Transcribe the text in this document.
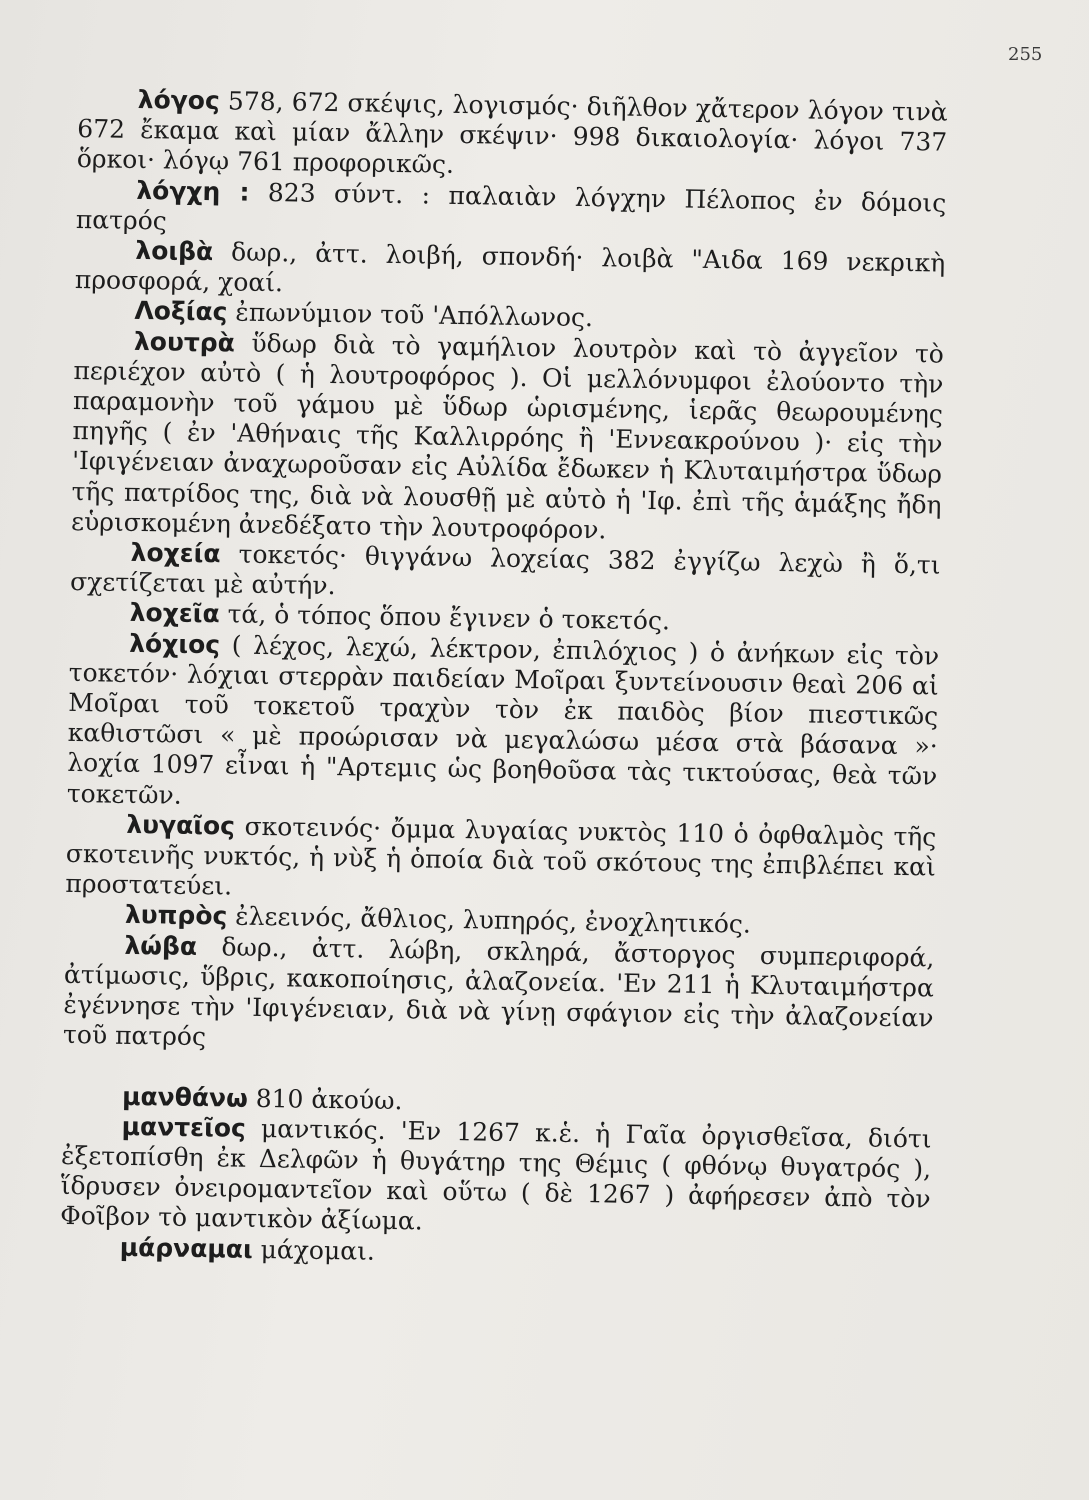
255

λόγος 578, 672 σκέψις, λογισμός· διῆλθον χἄτερον λόγον τινὰ 672 ἔκαμα καὶ μίαν ἄλλην σκέψιν· 998 δικαιολογία· λόγοι 737 ὅρκοι· λόγῳ 761 προφορικῶς.

λόγχη : 823 σύντ. : παλαιὰν λόγχην Πέλοπος ἐν δόμοις πατρός

λοιβὰ δωρ., ἀττ. λοιβή, σπονδή· λοιβὰ "Αιδα 169 νεκρικὴ προσφορά, χοαί.

Λοξίας ἐπωνύμιον τοῦ 'Απόλλωνος.

λουτρὰ ὕδωρ διὰ τὸ γαμήλιον λουτρὸν καὶ τὸ ἀγγεῖον τὸ περιέχον αὐτὸ ( ἡ λουτροφόρος ). Οἱ μελλόνυμφοι ἐλούοντο τὴν παραμονὴν τοῦ γάμου μὲ ὕδωρ ὡρισμένης, ἱερᾶς θεωρουμένης πηγῆς ( ἐν 'Αθήναις τῆς Καλλιρρόης ἢ 'Εννεακρούνου )· εἰς τὴν 'Ιφιγένειαν ἀναχωροῦσαν εἰς Αὐλίδα ἔδωκεν ἡ Κλυταιμήστρα ὕδωρ τῆς πατρίδος της, διὰ νὰ λουσθῇ μὲ αὐτὸ ἡ 'Ιφ. ἐπὶ τῆς ἁμάξης ἤδη εὑρισκομένη ἀνεδέξατο τὴν λουτροφόρον.

λοχεία τοκετός· θιγγάνω λοχείας 382 ἐγγίζω λεχὼ ἢ ὅ,τι σχετίζεται μὲ αὐτήν.

λοχεῖα τά, ὁ τόπος ὅπου ἔγινεν ὁ τοκετός.

λόχιος ( λέχος, λεχώ, λέκτρον, ἐπιλόχιος ) ὁ ἀνήκων εἰς τὸν τοκετόν· λόχιαι στερρὰν παιδείαν Μοῖραι ξυντείνουσιν θεαὶ 206 αἱ Μοῖραι τοῦ τοκετοῦ τραχὺν τὸν ἐκ παιδὸς βίον πιεστικῶς καθιστῶσι « μὲ προώρισαν νὰ μεγαλώσω μέσα στὰ βάσανα »· λοχία 1097 εἶναι ἡ "Αρτεμις ὡς βοηθοῦσα τὰς τικτούσας, θεὰ τῶν τοκετῶν.

λυγαῖος σκοτεινός· ὄμμα λυγαίας νυκτὸς 110 ὁ ὀφθαλμὸς τῆς σκοτεινῆς νυκτός, ἡ νὺξ ἡ ὁποία διὰ τοῦ σκότους της ἐπιβλέπει καὶ προστατεύει.

λυπρὸς ἐλεεινός, ἄθλιος, λυπηρός, ἐνοχλητικός.

λώβα δωρ., ἀττ. λώβη, σκληρά, ἄστοργος συμπεριφορά, ἀτίμωσις, ὕβρις, κακοποίησις, ἀλαζονεία. 'Εν 211 ἡ Κλυταιμήστρα ἐγέννησε τὴν 'Ιφιγένειαν, διὰ νὰ γίνῃ σφάγιον εἰς τὴν ἀλαζονείαν τοῦ πατρός

μανθάνω 810 ἀκούω.

μαντεῖος μαντικός. 'Εν 1267 κ.ἑ. ἡ Γαῖα ὀργισθεῖσα, διότι ἐξετοπίσθη ἐκ Δελφῶν ἡ θυγάτηρ της Θέμις ( φθόνῳ θυγατρός ), ἵδρυσεν ὀνειρομαντεῖον καὶ οὕτω ( δὲ 1267 ) ἀφήρεσεν ἀπὸ τὸν Φοῖβον τὸ μαντικὸν ἀξίωμα.

μάρναμαι μάχομαι.
